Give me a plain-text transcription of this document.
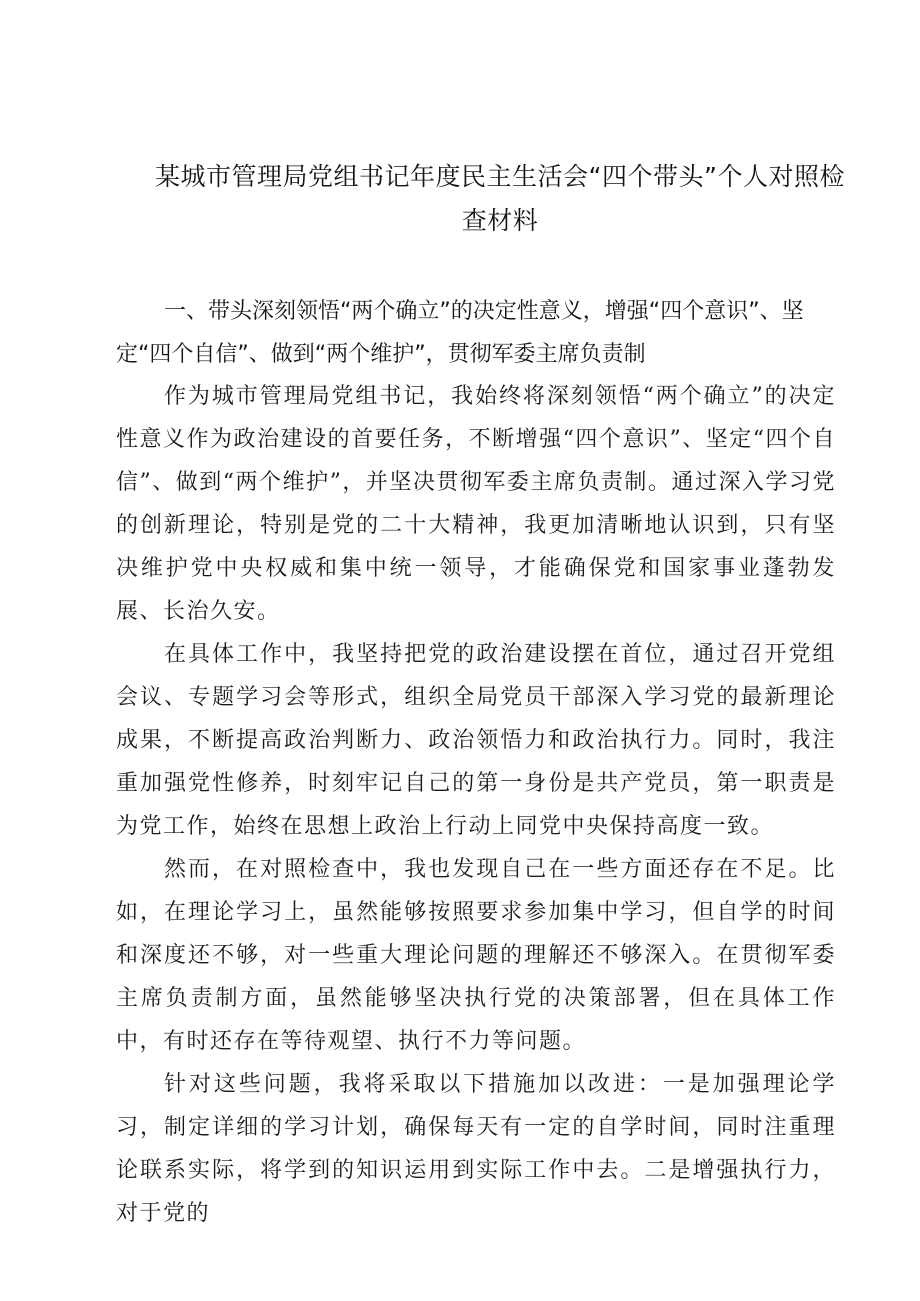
某城市管理局党组书记年度民主生活会“四个带头”个人对照检查材料
一、带头深刻领悟“两个确立”的决定性意义，增强“四个意识”、坚定“四个自信”、做到“两个维护”，贯彻军委主席负责制

作为城市管理局党组书记，我始终将深刻领悟“两个确立”的决定性意义作为政治建设的首要任务，不断增强“四个意识”、坚定“四个自信”、做到“两个维护”，并坚决贯彻军委主席负责制。通过深入学习党的创新理论，特别是党的二十大精神，我更加清晰地认识到，只有坚决维护党中央权威和集中统一领导，才能确保党和国家事业蓬勃发展、长治久安。

在具体工作中，我坚持把党的政治建设摆在首位，通过召开党组会议、专题学习会等形式，组织全局党员干部深入学习党的最新理论成果，不断提高政治判断力、政治领悟力和政治执行力。同时，我注重加强党性修养，时刻牢记自己的第一身份是共产党员，第一职责是为党工作，始终在思想上政治上行动上同党中央保持高度一致。

然而，在对照检查中，我也发现自己在一些方面还存在不足。比如，在理论学习上，虽然能够按照要求参加集中学习，但自学的时间和深度还不够，对一些重大理论问题的理解还不够深入。在贯彻军委主席负责制方面，虽然能够坚决执行党的决策部署，但在具体工作中，有时还存在等待观望、执行不力等问题。

针对这些问题，我将采取以下措施加以改进：一是加强理论学习，制定详细的学习计划，确保每天有一定的自学时间，同时注重理论联系实际，将学到的知识运用到实际工作中去。二是增强执行力，对于党的
